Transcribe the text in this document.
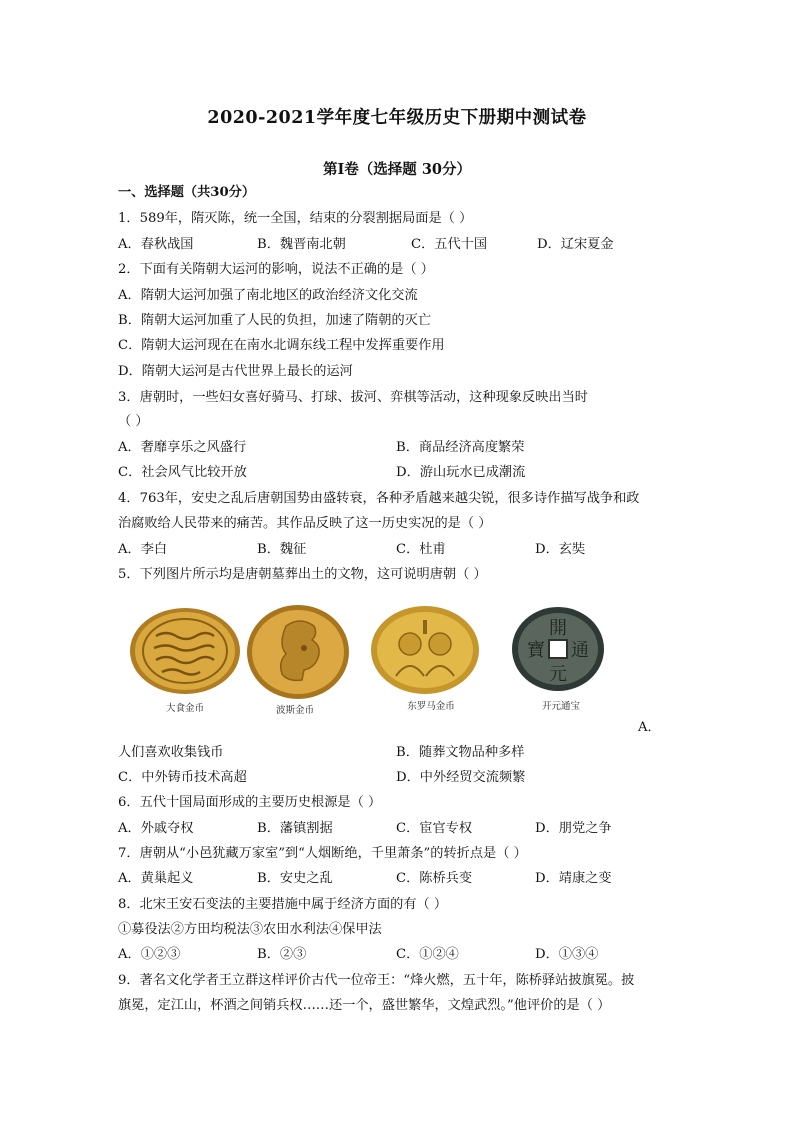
2020-2021学年度七年级历史下册期中测试卷
第Ⅰ卷（选择题 30分）
一、选择题（共30分）
1．589年，隋灭陈，统一全国，结束的分裂割据局面是（ ）
A．春秋战国	B．魏晋南北朝	C．五代十国	D．辽宋夏金
2．下面有关隋朝大运河的影响，说法不正确的是（ ）
A．隋朝大运河加强了南北地区的政治经济文化交流
B．隋朝大运河加重了人民的负担，加速了隋朝的灭亡
C．隋朝大运河现在在南水北调东线工程中发挥重要作用
D．隋朝大运河是古代世界上最长的运河
3．唐朝时，一些妇女喜好骑马、打球、拔河、弈棋等活动，这种现象反映出当时
（ ）
A．奢靡享乐之风盛行	B．商品经济高度繁荣
C．社会风气比较开放	D．游山玩水已成潮流
4．763年，安史之乱后唐朝国势由盛转衰，各种矛盾越来越尖锐，很多诗作描写战争和政
治腐败给人民带来的痛苦。其作品反映了这一历史实况的是（ ）
A．李白	B．魏征	C．杜甫	D．玄奘
5．下列图片所示均是唐朝墓葬出土的文物，这可说明唐朝（ ）
開
元
通
寶
大食金币	波斯金币	东罗马金币	开元通宝
A．
人们喜欢收集钱币	B．随葬文物品种多样
C．中外铸币技术高超	D．中外经贸交流频繁
6．五代十国局面形成的主要历史根源是（ ）
A．外戚夺权	B．藩镇割据	C．宦官专权	D．朋党之争
7．唐朝从“小邑犹藏万家室”到“人烟断绝，千里萧条”的转折点是（ ）
A．黄巢起义	B．安史之乱	C．陈桥兵变	D．靖康之变
8．北宋王安石变法的主要措施中属于经济方面的有（ ）
①募役法②方田均税法③农田水利法④保甲法
A．①②③	B．②③	C．①②④	D．①③④
9．著名文化学者王立群这样评价古代一位帝王：“烽火燃，五十年，陈桥驿站披旗冕。披
旗冕，定江山，杯酒之间销兵权……还一个，盛世繁华，文煌武烈。”他评价的是（ ）
